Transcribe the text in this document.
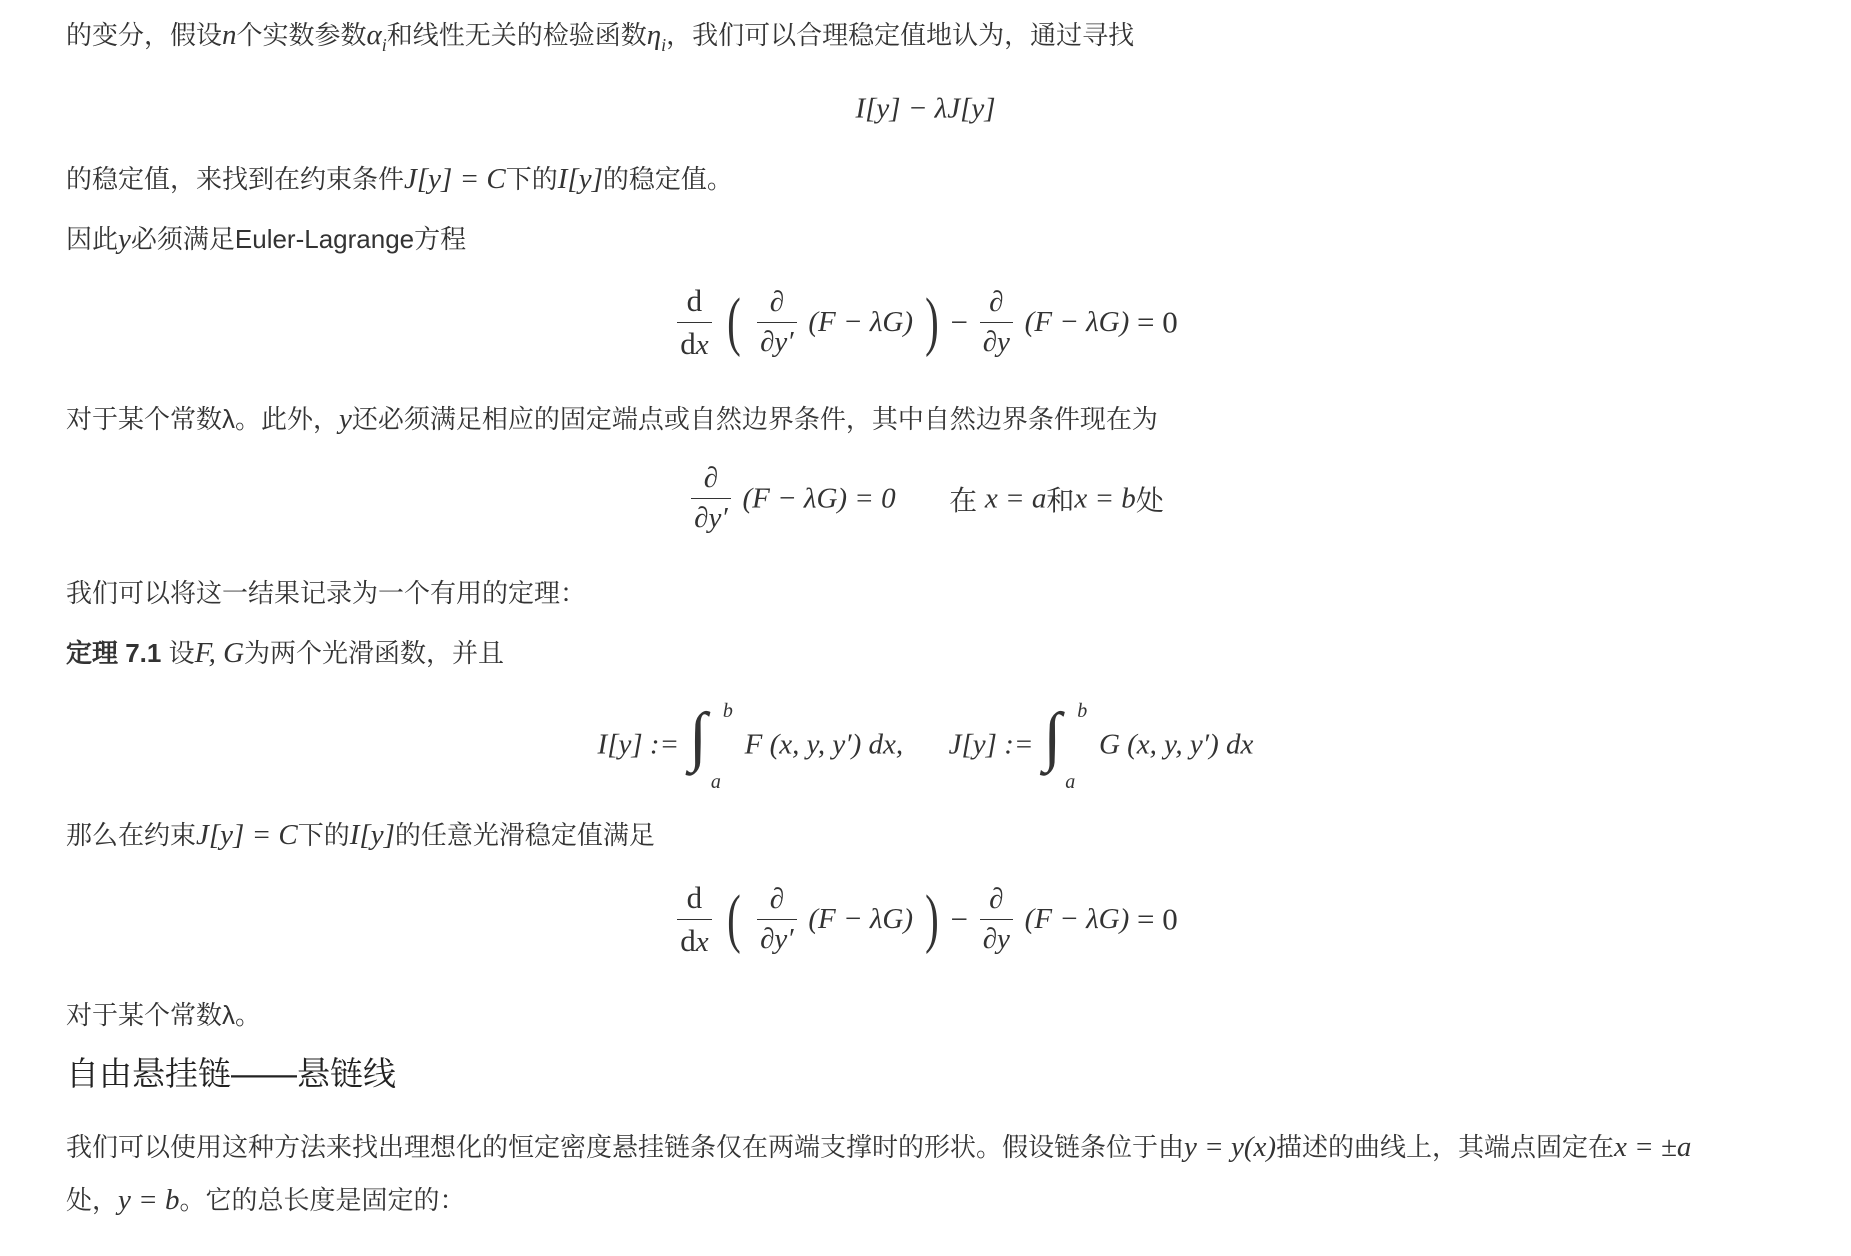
的变分，假设n个实数参数$\alpha_i$和线性无关的检验函数$\eta_i$，我们可以合理稳定值地认为，通过寻找
I[y] − λJ[y]
的稳定值，来找到在约束条件J[y] = C下的I[y]的稳定值。
因此y必须满足Euler-Lagrange方程
$\frac{d}{dx}$ ( $\frac{\partial}{\partial y'} (F - \lambda G)$ ) − $\frac{\partial}{\partial y} (F - \lambda G) = 0$
对于某个常数λ。此外，y还必须满足相应的固定端点或自然边界条件，其中自然边界条件现在为
$\frac{\partial}{\partial y'} (F - \lambda G) = 0$ 在 x = a和x = b处
我们可以将这一结果记录为一个有用的定理：
定理 7.1 设F, G为两个光滑函数，并且
I[y] := ∫ b
a
F (x, y, y′) dx, J[y] := ∫ b
a
G (x, y, y′) dx
那么在约束J[y] = C下的I[y]的任意光滑稳定值满足
$\frac{d}{dx}$ ( $\frac{\partial}{\partial y'} (F - \lambda G)$ ) − $\frac{\partial}{\partial y} (F - \lambda G) = 0$
对于某个常数λ。
自由悬挂链——悬链线
我们可以使用这种方法来找出理想化的恒定密度悬挂链条仅在两端支撑时的形状。假设链条位于由y = y(x)描述的曲线上，其端点固定在x = ±a
处，y = b。它的总长度是固定的：
